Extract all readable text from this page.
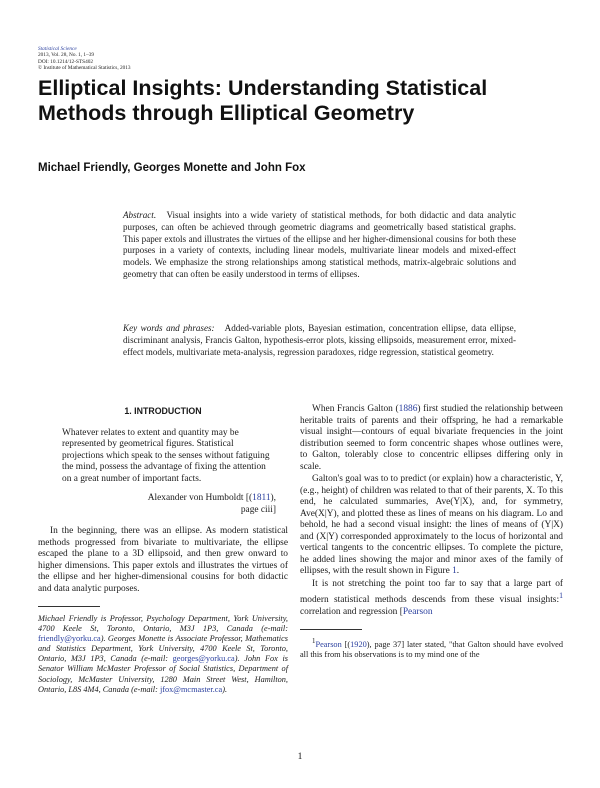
Statistical Science
2013, Vol. 28, No. 1, 1–39
DOI: 10.1214/12-STS402
© Institute of Mathematical Statistics, 2013
Elliptical Insights: Understanding Statistical Methods through Elliptical Geometry
Michael Friendly, Georges Monette and John Fox
Abstract. Visual insights into a wide variety of statistical methods, for both didactic and data analytic purposes, can often be achieved through geometric diagrams and geometrically based statistical graphs. This paper extols and illustrates the virtues of the ellipse and her higher-dimensional cousins for both these purposes in a variety of contexts, including linear models, multivariate linear models and mixed-effect models. We emphasize the strong relationships among statistical methods, matrix-algebraic solutions and geometry that can often be easily understood in terms of ellipses.
Key words and phrases: Added-variable plots, Bayesian estimation, concentration ellipse, data ellipse, discriminant analysis, Francis Galton, hypothesis-error plots, kissing ellipsoids, measurement error, mixed-effect models, multivariate meta-analysis, regression paradoxes, ridge regression, statistical geometry.
1. INTRODUCTION
Whatever relates to extent and quantity may be represented by geometrical figures. Statistical projections which speak to the senses without fatiguing the mind, possess the advantage of fixing the attention on a great number of important facts.
Alexander von Humboldt [(1811),
page ciii]

In the beginning, there was an ellipse. As modern statistical methods progressed from bivariate to multivariate, the ellipse escaped the plane to a 3D ellipsoid, and then grew onward to higher dimensions. This paper extols and illustrates the virtues of the ellipse and her higher-dimensional cousins for both didactic and data analytic purposes.

Michael Friendly is Professor, Psychology Department, York University, 4700 Keele St, Toronto, Ontario, M3J 1P3, Canada (e-mail: friendly@yorku.ca). Georges Monette is Associate Professor, Mathematics and Statistics Department, York University, 4700 Keele St, Toronto, Ontario, M3J 1P3, Canada (e-mail: georges@yorku.ca). John Fox is Senator William McMaster Professor of Social Statistics, Department of Sociology, McMaster University, 1280 Main Street West, Hamilton, Ontario, L8S 4M4, Canada (e-mail: jfox@mcmaster.ca).

When Francis Galton (1886) first studied the relationship between heritable traits of parents and their offspring, he had a remarkable visual insight—contours of equal bivariate frequencies in the joint distribution seemed to form concentric shapes whose outlines were, to Galton, tolerably close to concentric ellipses differing only in scale.

Galton's goal was to to predict (or explain) how a characteristic, Y, (e.g., height) of children was related to that of their parents, X. To this end, he calculated summaries, Ave(Y|X), and, for symmetry, Ave(X|Y), and plotted these as lines of means on his diagram. Lo and behold, he had a second visual insight: the lines of means of (Y|X) and (X|Y) corresponded approximately to the locus of horizontal and vertical tangents to the concentric ellipses. To complete the picture, he added lines showing the major and minor axes of the family of ellipses, with the result shown in Figure 1.

It is not stretching the point too far to say that a large part of modern statistical methods descends from these visual insights:$^1$ correlation and regression [Pearson

$^1$Pearson [(1920), page 37] later stated, "that Galton should have evolved all this from his observations is to my mind one of the

1
